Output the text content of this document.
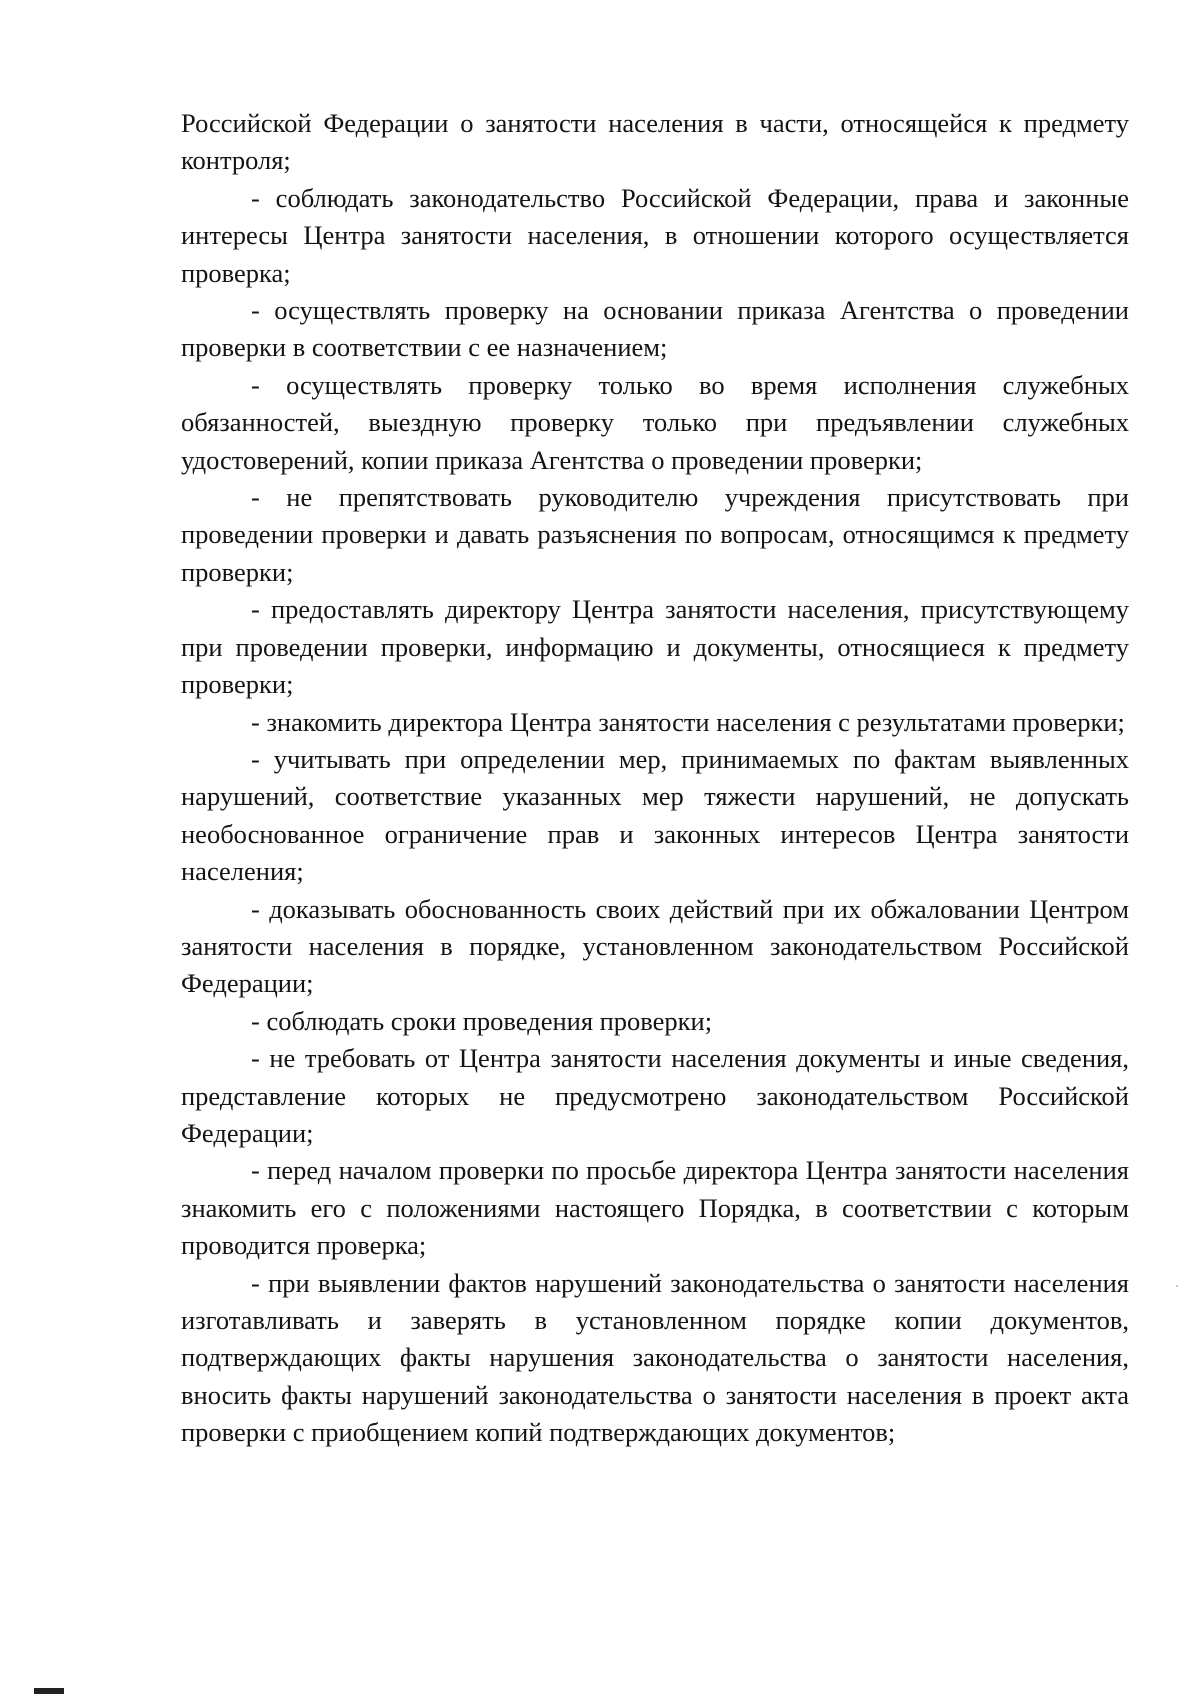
Российской Федерации о занятости населения в части, относящейся к предмету контроля;

- соблюдать законодательство Российской Федерации, права и законные интересы Центра занятости населения, в отношении которого осуществляется проверка;

- осуществлять проверку на основании приказа Агентства о проведении проверки в соответствии с ее назначением;

- осуществлять проверку только во время исполнения служебных обязанностей, выездную проверку только при предъявлении служебных удостоверений, копии приказа Агентства о проведении проверки;

- не препятствовать руководителю учреждения присутствовать при проведении проверки и давать разъяснения по вопросам, относящимся к предмету проверки;

- предоставлять директору Центра занятости населения, присутствующему при проведении проверки, информацию и документы, относящиеся к предмету проверки;

- знакомить директора Центра занятости населения с результатами проверки;

- учитывать при определении мер, принимаемых по фактам выявленных нарушений, соответствие указанных мер тяжести нарушений, не допускать необоснованное ограничение прав и законных интересов Центра занятости населения;

- доказывать обоснованность своих действий при их обжаловании Центром занятости населения в порядке, установленном законодательством Российской Федерации;

- соблюдать сроки проведения проверки;

- не требовать от Центра занятости населения документы и иные сведения, представление которых не предусмотрено законодательством Российской Федерации;

- перед началом проверки по просьбе директора Центра занятости населения знакомить его с положениями настоящего Порядка, в соответствии с которым проводится проверка;

- при выявлении фактов нарушений законодательства о занятости населения изготавливать и заверять в установленном порядке копии документов, подтверждающих факты нарушения законодательства о занятости населения, вносить факты нарушений законодательства о занятости населения в проект акта проверки с приобщением копий подтверждающих документов;
